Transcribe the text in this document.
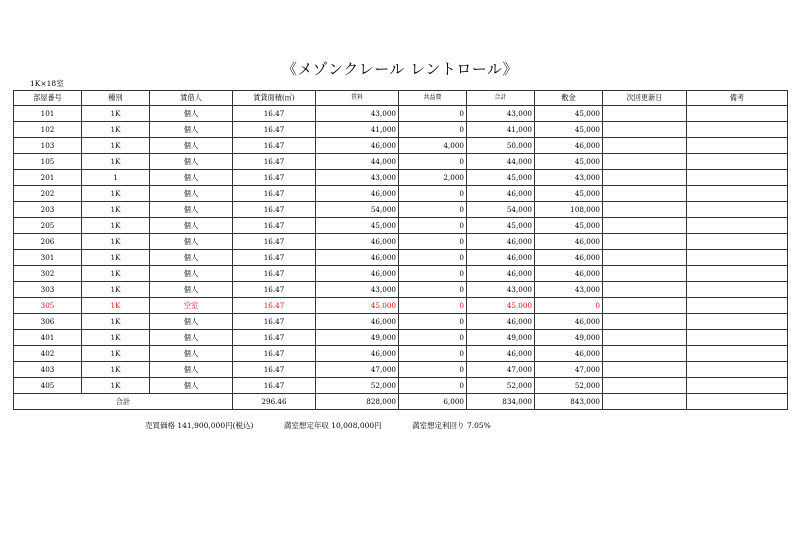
《メゾンクレール レントロール》
1K×18室
部屋番号	種別	賃借人	賃貸面積(㎡)	賃料	共益費	合計	敷金	次回更新日	備考
101	1K	個人	16.47	43,000	0	43,000	45,000		
102	1K	個人	16.47	41,000	0	41,000	45,000		
103	1K	個人	16.47	46,000	4,000	50,000	46,000		
105	1K	個人	16.47	44,000	0	44,000	45,000		
201	1	個人	16.47	43,000	2,000	45,000	43,000		
202	1K	個人	16.47	46,000	0	46,000	45,000		
203	1K	個人	16.47	54,000	0	54,000	108,000		
205	1K	個人	16.47	45,000	0	45,000	45,000		
206	1K	個人	16.47	46,000	0	46,000	46,000		
301	1K	個人	16.47	46,000	0	46,000	46,000		
302	1K	個人	16.47	46,000	0	46,000	46,000		
303	1K	個人	16.47	43,000	0	43,000	43,000		
305	1K	空室	16.47	45,000	0	45,000	0		
306	1K	個人	16.47	46,000	0	46,000	46,000		
401	1K	個人	16.47	49,000	0	49,000	49,000		
402	1K	個人	16.47	46,000	0	46,000	46,000		
403	1K	個人	16.47	47,000	0	47,000	47,000		
405	1K	個人	16.47	52,000	0	52,000	52,000		
合計			296.46	828,000	6,000	834,000	843,000		
売買価格 141,900,000円(税込)	満室想定年収 10,008,000円	満室想定利回り 7.05%
